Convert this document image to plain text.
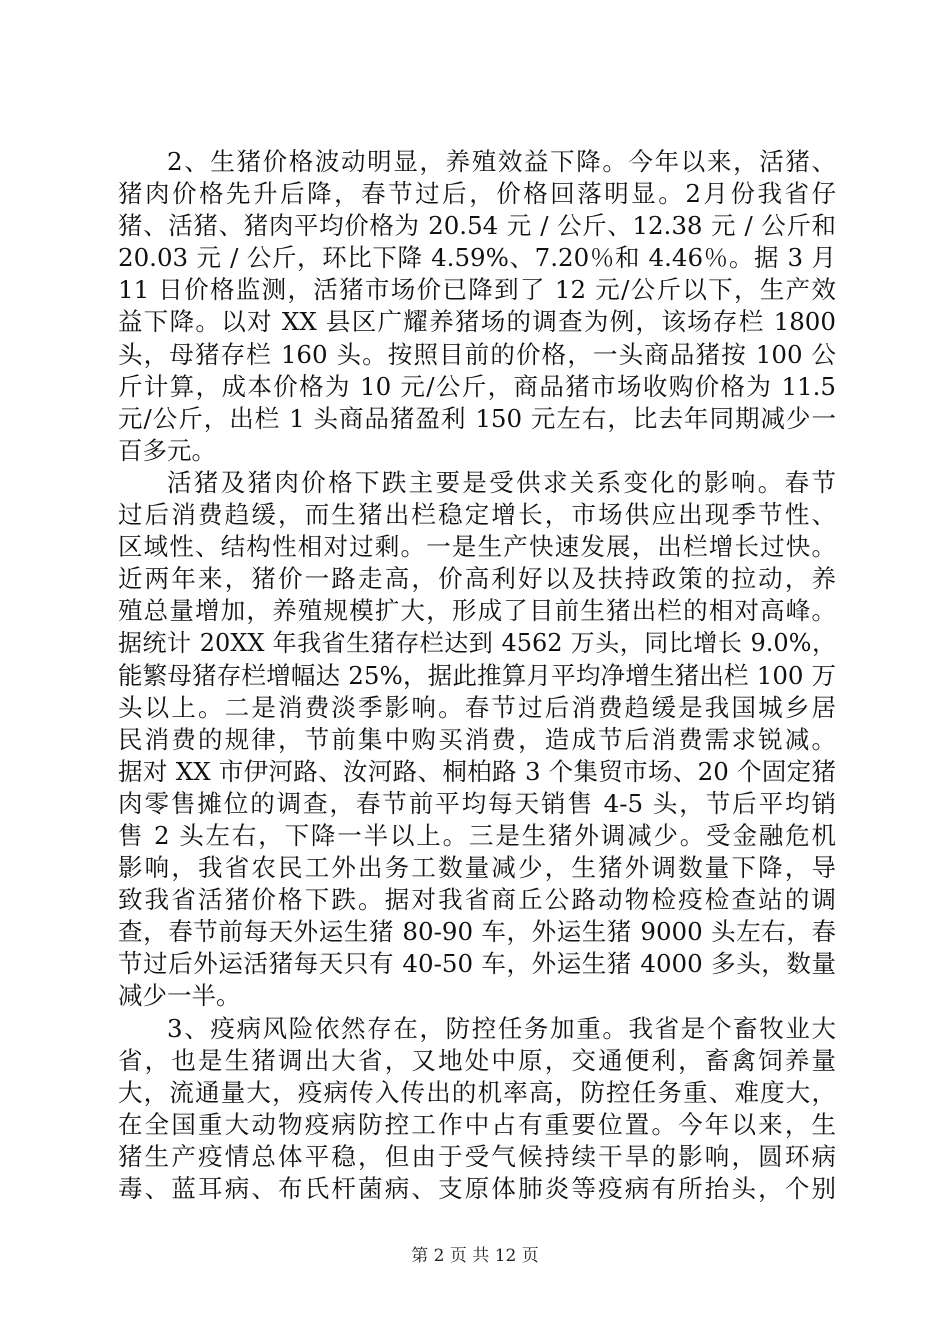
2、生猪价格波动明显，养殖效益下降。今年以来，活猪、
猪肉价格先升后降，春节过后，价格回落明显。2月份我省仔
猪、活猪、猪肉平均价格为 20.54 元 / 公斤、12.38 元 / 公斤和
20.03 元 / 公斤，环比下降 4.59%、7.20％和 4.46％。据 3 月
11 日价格监测，活猪市场价已降到了 12 元/公斤以下，生产效
益下降。以对 XX 县区广耀养猪场的调查为例，该场存栏 1800
头，母猪存栏 160 头。按照目前的价格，一头商品猪按 100 公
斤计算，成本价格为 10 元/公斤，商品猪市场收购价格为 11.5
元/公斤，出栏 1 头商品猪盈利 150 元左右，比去年同期减少一
百多元。
活猪及猪肉价格下跌主要是受供求关系变化的影响。春节
过后消费趋缓，而生猪出栏稳定增长，市场供应出现季节性、
区域性、结构性相对过剩。一是生产快速发展，出栏增长过快。
近两年来，猪价一路走高，价高利好以及扶持政策的拉动，养
殖总量增加，养殖规模扩大，形成了目前生猪出栏的相对高峰。
据统计 20XX 年我省生猪存栏达到 4562 万头，同比增长 9.0%，
能繁母猪存栏增幅达 25%，据此推算月平均净增生猪出栏 100 万
头以上。二是消费淡季影响。春节过后消费趋缓是我国城乡居
民消费的规律，节前集中购买消费，造成节后消费需求锐减。
据对 XX 市伊河路、汝河路、桐柏路 3 个集贸市场、20 个固定猪
肉零售摊位的调查，春节前平均每天销售 4-5 头，节后平均销
售 2 头左右，下降一半以上。三是生猪外调减少。受金融危机
影响，我省农民工外出务工数量减少，生猪外调数量下降，导
致我省活猪价格下跌。据对我省商丘公路动物检疫检查站的调
查，春节前每天外运生猪 80-90 车，外运生猪 9000 头左右，春
节过后外运活猪每天只有 40-50 车，外运生猪 4000 多头，数量
减少一半。
3、疫病风险依然存在，防控任务加重。我省是个畜牧业大
省，也是生猪调出大省，又地处中原，交通便利，畜禽饲养量
大，流通量大，疫病传入传出的机率高，防控任务重、难度大，
在全国重大动物疫病防控工作中占有重要位置。今年以来，生
猪生产疫情总体平稳，但由于受气候持续干旱的影响，圆环病
毒、蓝耳病、布氏杆菌病、支原体肺炎等疫病有所抬头，个别
第 2 页 共 12 页
